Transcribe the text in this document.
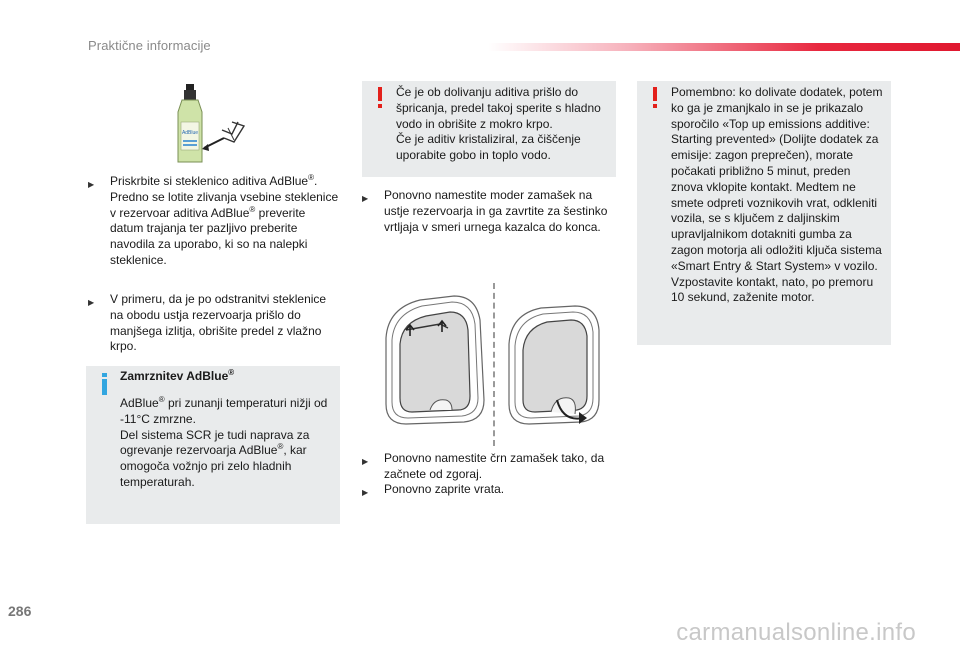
Praktične informacije
AdBlue
▶ Priskrbite si steklenico aditiva AdBlue®. Predno se lotite zlivanja vsebine steklenice v rezervoar aditiva AdBlue® preverite datum trajanja ter pazljivo preberite navodila za uporabo, ki so na nalepki steklenice.
▶ V primeru, da je po odstranitvi steklenice na obodu ustja rezervoarja prišlo do manjšega izlitja, obrišite predel z vlažno krpo.
Zamrznitev AdBlue®
AdBlue® pri zunanji temperaturi nižji od -11°C zmrzne.
Del sistema SCR je tudi naprava za ogrevanje rezervoarja AdBlue®, kar omogoča vožnjo pri zelo hladnih temperaturah.
Če je ob dolivanju aditiva prišlo do špricanja, predel takoj sperite s hladno vodo in obrišite z mokro krpo.
Če je aditiv kristaliziral, za čiščenje uporabite gobo in toplo vodo.
▶ Ponovno namestite moder zamašek na ustje rezervoarja in ga zavrtite za šestinko vrtljaja v smeri urnega kazalca do konca.
▶ Ponovno namestite črn zamašek tako, da začnete od zgoraj.
▶ Ponovno zaprite vrata.
Pomembno: ko dolivate dodatek, potem ko ga je zmanjkalo in se je prikazalo sporočilo «Top up emissions additive: Starting prevented» (Dolijte dodatek za emisije: zagon preprečen), morate počakati približno 5 minut, preden znova vklopite kontakt. Medtem ne smete odpreti voznikovih vrat, odkleniti vozila, se s ključem z daljinskim upravljalnikom dotakniti gumba za zagon motorja ali odložiti ključa sistema «Smart Entry & Start System» v vozilo. Vzpostavite kontakt, nato, po premoru 10 sekund, zaženite motor.
286
carmanualsonline.info
